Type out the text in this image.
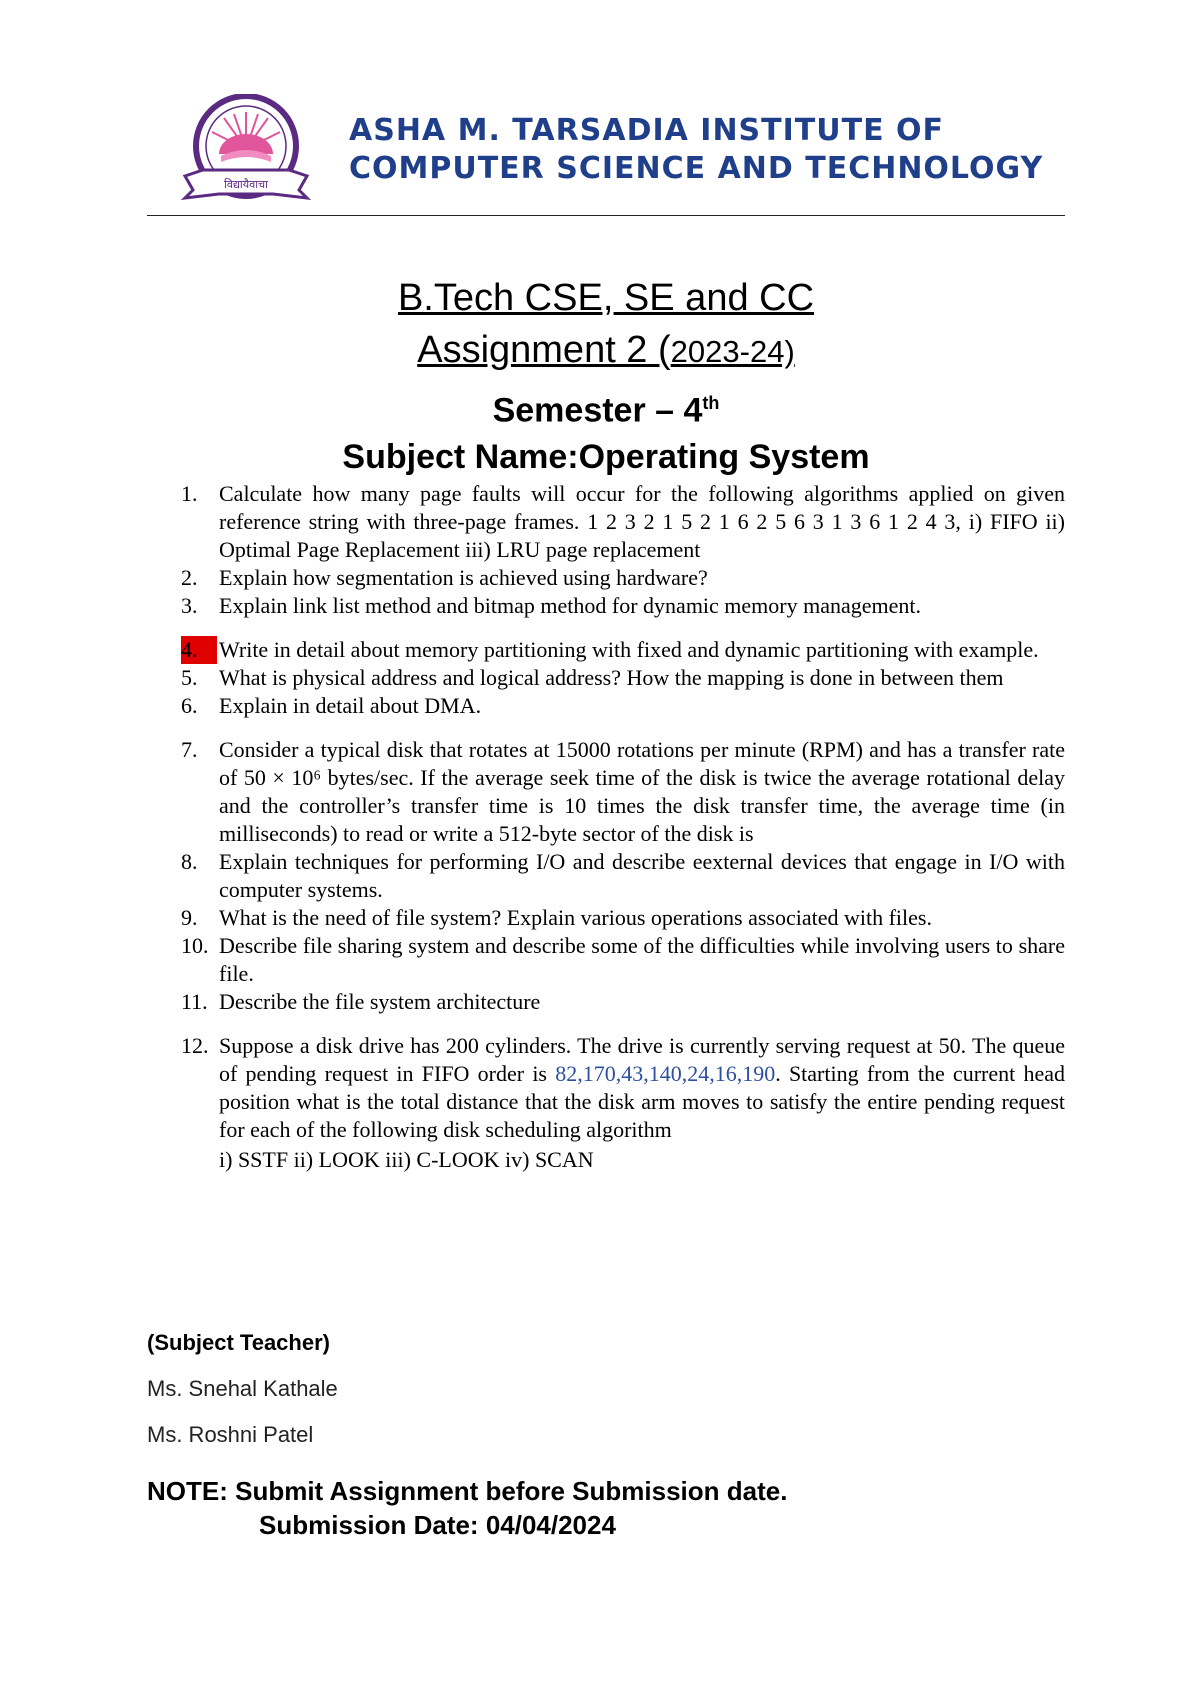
विद्यायैवाचा
ASHA M. TARSADIA INSTITUTE OF
COMPUTER SCIENCE AND TECHNOLOGY
B.Tech CSE, SE and CC
Assignment 2 (2023-24)
Semester – 4th
Subject Name:Operating System
1. Calculate how many page faults will occur for the following algorithms applied on given reference string with three-page frames. 1 2 3 2 1 5 2 1 6 2 5 6 3 1 3 6 1 2 4 3, i) FIFO ii) Optimal Page Replacement iii) LRU page replacement
2. Explain how segmentation is achieved using hardware?
3. Explain link list method and bitmap method for dynamic memory management.
4. Write in detail about memory partitioning with fixed and dynamic partitioning with example.
5. What is physical address and logical address? How the mapping is done in between them
6. Explain in detail about DMA.
7. Consider a typical disk that rotates at 15000 rotations per minute (RPM) and has a transfer rate of 50 × 10⁶ bytes/sec. If the average seek time of the disk is twice the average rotational delay and the controller’s transfer time is 10 times the disk transfer time, the average time (in milliseconds) to read or write a 512-byte sector of the disk is
8. Explain techniques for performing I/O and describe eexternal devices that engage in I/O with computer systems.
9. What is the need of file system? Explain various operations associated with files.
10. Describe file sharing system and describe some of the difficulties while involving users to share file.
11. Describe the file system architecture
12. Suppose a disk drive has 200 cylinders. The drive is currently serving request at 50. The queue of pending request in FIFO order is 82,170,43,140,24,16,190. Starting from the current head position what is the total distance that the disk arm moves to satisfy the entire pending request for each of the following disk scheduling algorithm
i) SSTF ii) LOOK iii) C-LOOK iv) SCAN
(Subject Teacher)
Ms. Snehal Kathale
Ms. Roshni Patel
NOTE: Submit Assignment before Submission date.
Submission Date: 04/04/2024
